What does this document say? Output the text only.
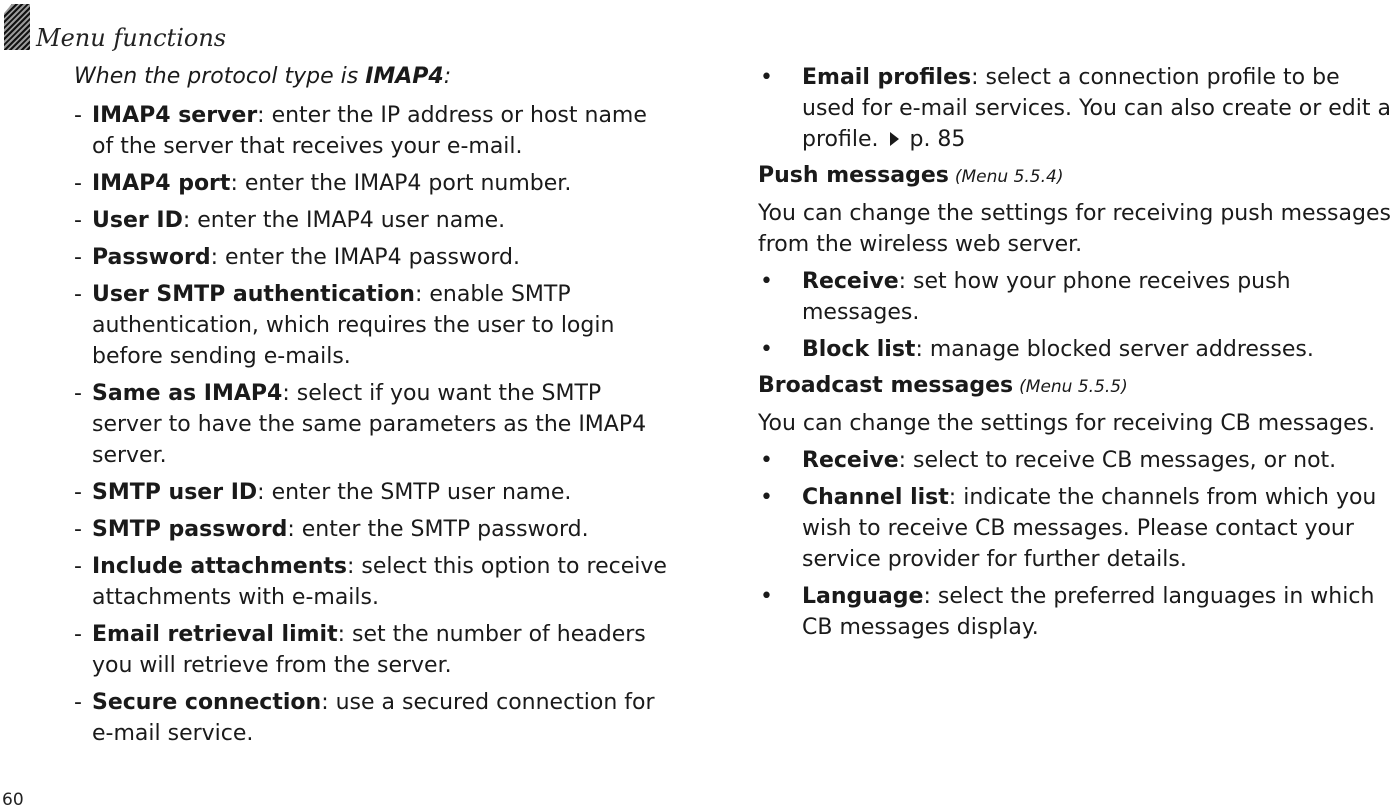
Menu functions

When the protocol type is IMAP4:

- IMAP4 server: enter the IP address or host name of the server that receives your e-mail.
- IMAP4 port: enter the IMAP4 port number.
- User ID: enter the IMAP4 user name.
- Password: enter the IMAP4 password.
- User SMTP authentication: enable SMTP authentication, which requires the user to login before sending e-mails.
- Same as IMAP4: select if you want the SMTP server to have the same parameters as the IMAP4 server.
- SMTP user ID: enter the SMTP user name.
- SMTP password: enter the SMTP password.
- Include attachments: select this option to receive attachments with e-mails.
- Email retrieval limit: set the number of headers you will retrieve from the server.
- Secure connection: use a secured connection for e-mail service.
• Email profiles: select a connection profile to be used for e-mail services. You can also create or edit a profile. p. 85
Push messages (Menu 5.5.4)

You can change the settings for receiving push messages from the wireless web server.

• Receive: set how your phone receives push messages.
• Block list: manage blocked server addresses.
Broadcast messages (Menu 5.5.5)

You can change the settings for receiving CB messages.

• Receive: select to receive CB messages, or not.
• Channel list: indicate the channels from which you wish to receive CB messages. Please contact your service provider for further details.
• Language: select the preferred languages in which CB messages display.
60
